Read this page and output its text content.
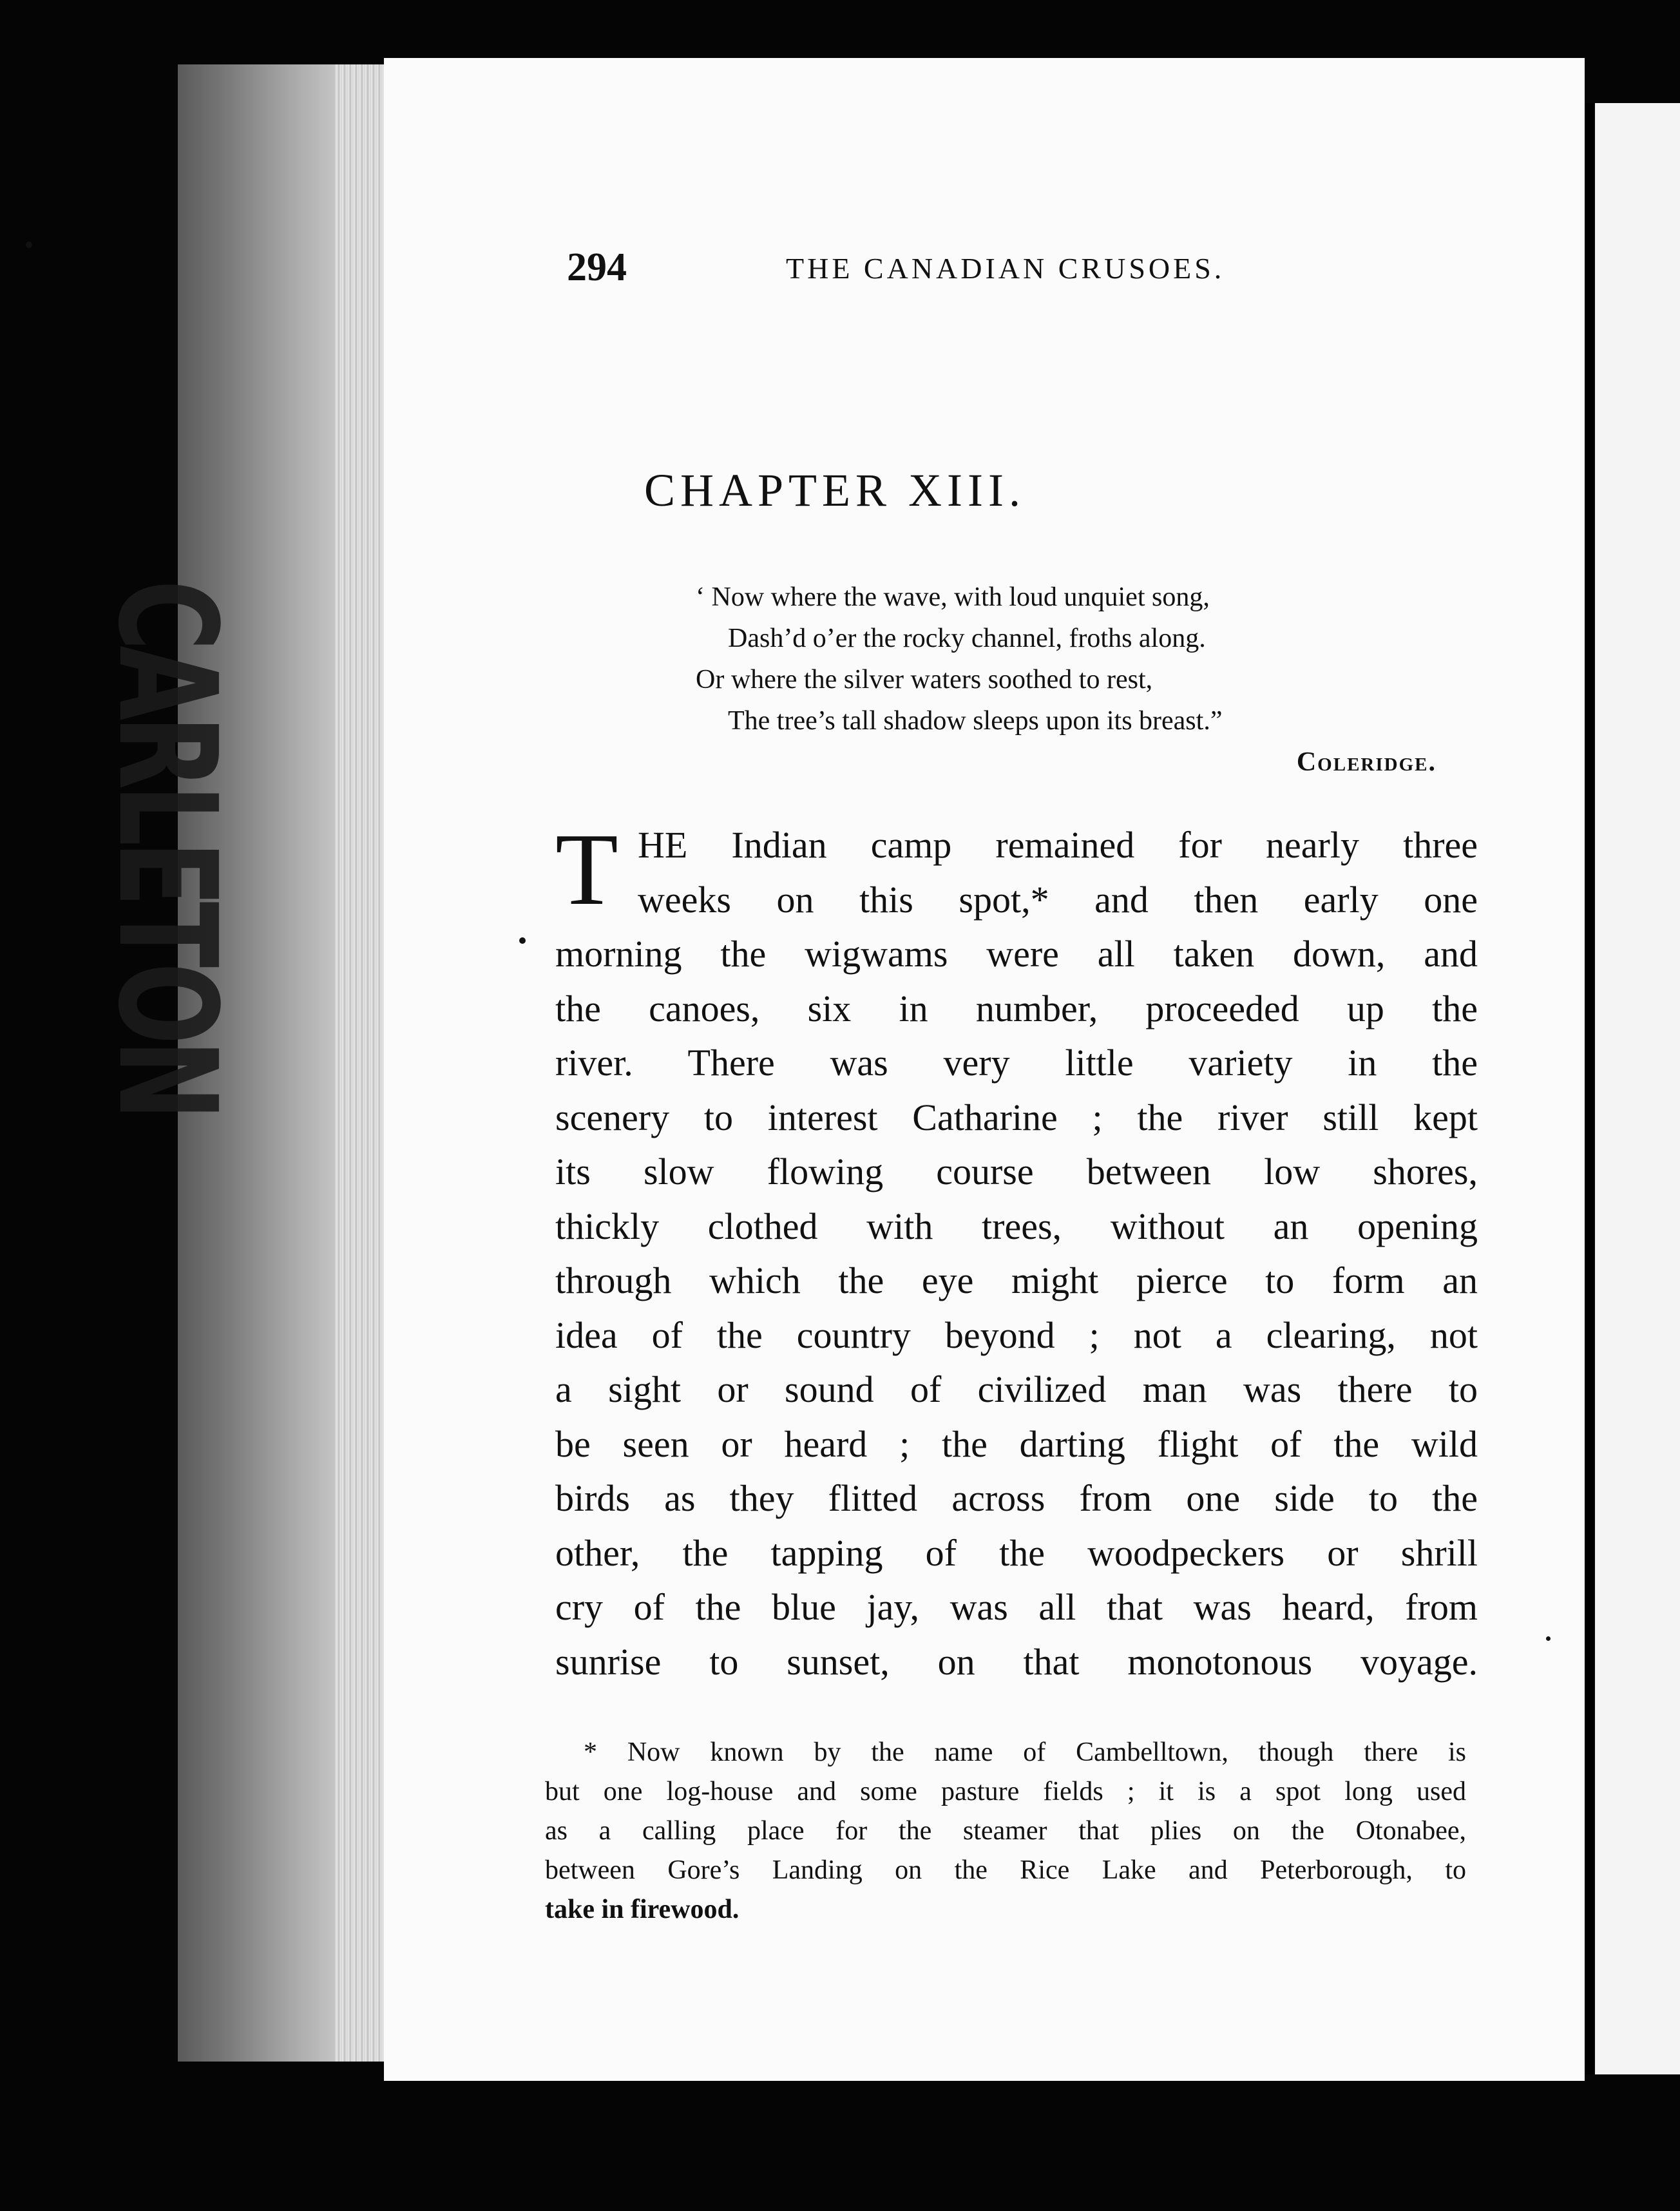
CARLETON
294	THE CANADIAN CRUSOES.
CHAPTER XIII.
‘ Now where the wave, with loud unquiet song,
Dash’d o’er the rocky channel, froths along.
Or where the silver waters soothed to rest,
The tree’s tall shadow sleeps upon its breast.”
Coleridge.
T HE Indian camp remained for nearly three
weeks on this spot,* and then early one
morning the wigwams were all taken down, and
the canoes, six in number, proceeded up the
river. There was very little variety in the
scenery to interest Catharine ; the river still kept
its slow flowing course between low shores,
thickly clothed with trees, without an opening
through which the eye might pierce to form an
idea of the country beyond ; not a clearing, not
a sight or sound of civilized man was there to
be seen or heard ; the darting flight of the wild
birds as they flitted across from one side to the
other, the tapping of the woodpeckers or shrill
cry of the blue jay, was all that was heard, from
sunrise to sunset, on that monotonous voyage.
* Now known by the name of Cambelltown, though there is
but one log-house and some pasture fields ; it is a spot long used
as a calling place for the steamer that plies on the Otonabee,
between Gore’s Landing on the Rice Lake and Peterborough, to
take in firewood.
